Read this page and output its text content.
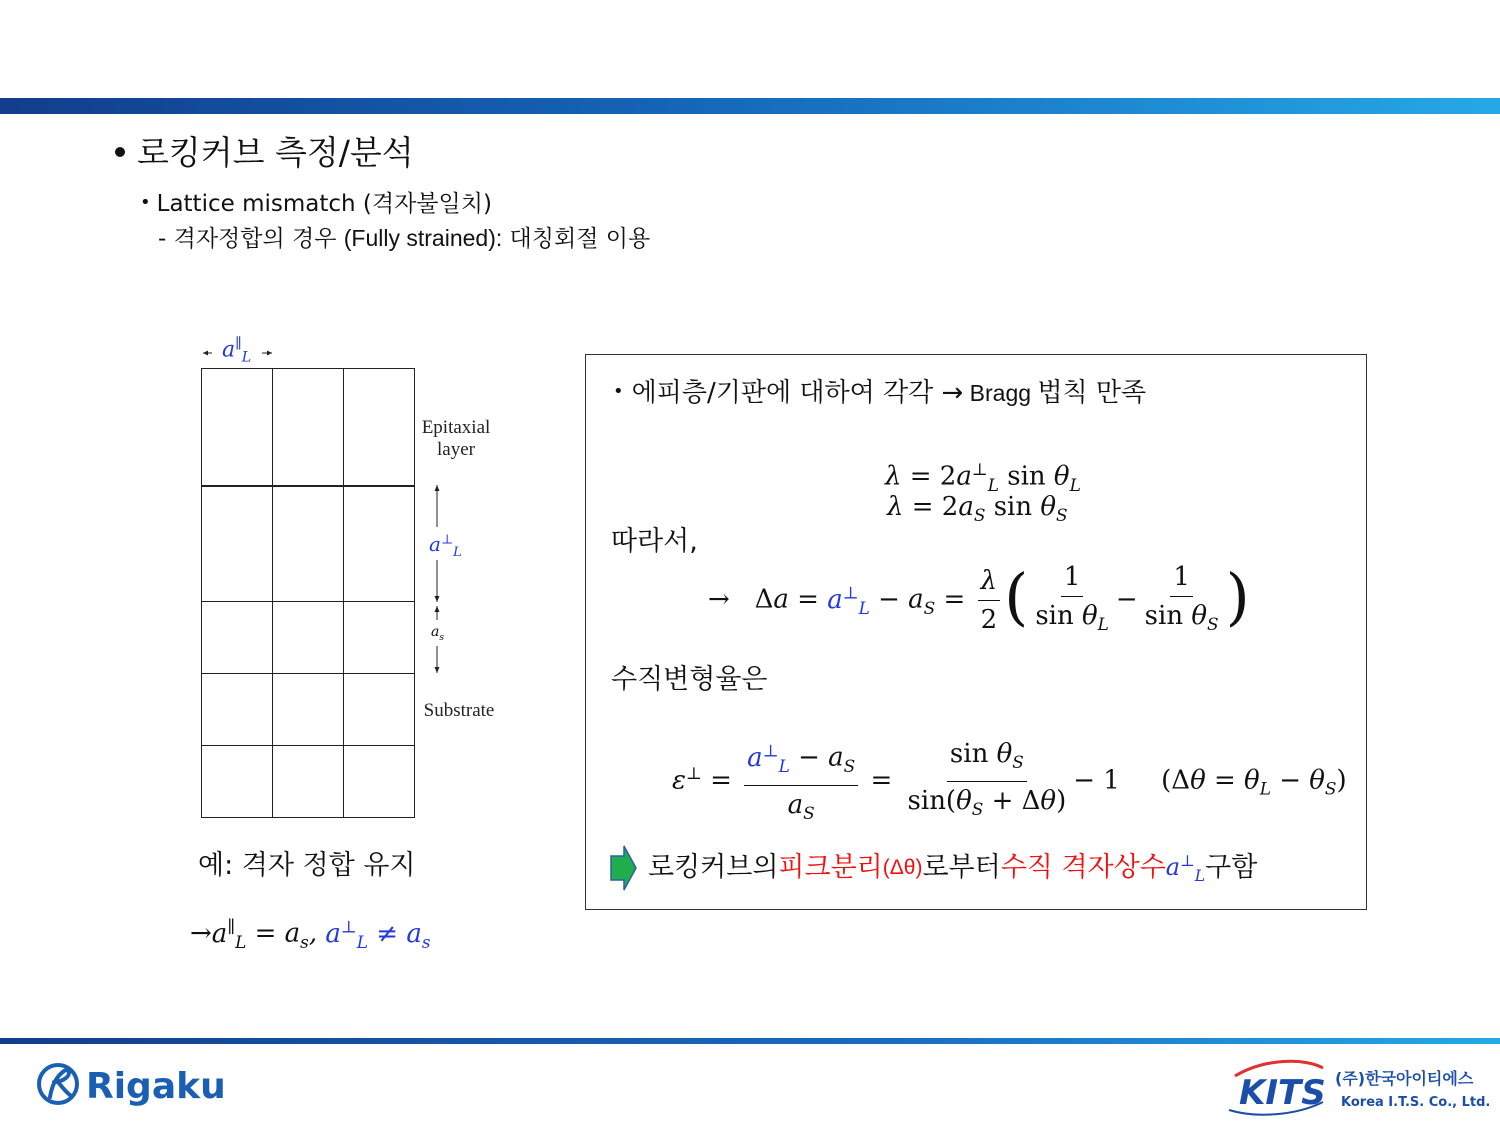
로킹커브 측정/분석
• Lattice mismatch (격자불일치)
- 격자정합의 경우 (Fully strained): 대칭회절 이용
$a^\parallel_L$
Epitaxial layer
$a^\perp_L$
$a_s$
Substrate
예: 격자 정합 유지
$\to a^\parallel_L = a_s$, $a^\perp_L \ne a_s$
• 에피층/기판에 대하여 각각 → Bragg 법칙 만족
$\lambda = 2a^\perp_L$ $\sin \theta_L$
$\lambda = 2a_S$ $\sin \theta_S$
따라서,
→ $\Delta a = a^\perp_L - a_S = \frac{\lambda}{2}$ ( $\frac{1}{\sin \theta_L} - \frac{1}{\sin \theta_S}$ )
수직변형율은
$\varepsilon^\perp = \frac{a^\perp_L - a_S}{a_S} = \frac{\sin \theta_S}{\sin(\theta_S + \Delta\theta)} - 1$ $(\Delta\theta = \theta_L - \theta_S)$
로킹커브의 피크분리 (Δθ) 로부터 수직 격자상수 $a^\perp_L$ 구함
Rigaku	KITS (주)한국아이티에스
Korea I.T.S. Co., Ltd.
